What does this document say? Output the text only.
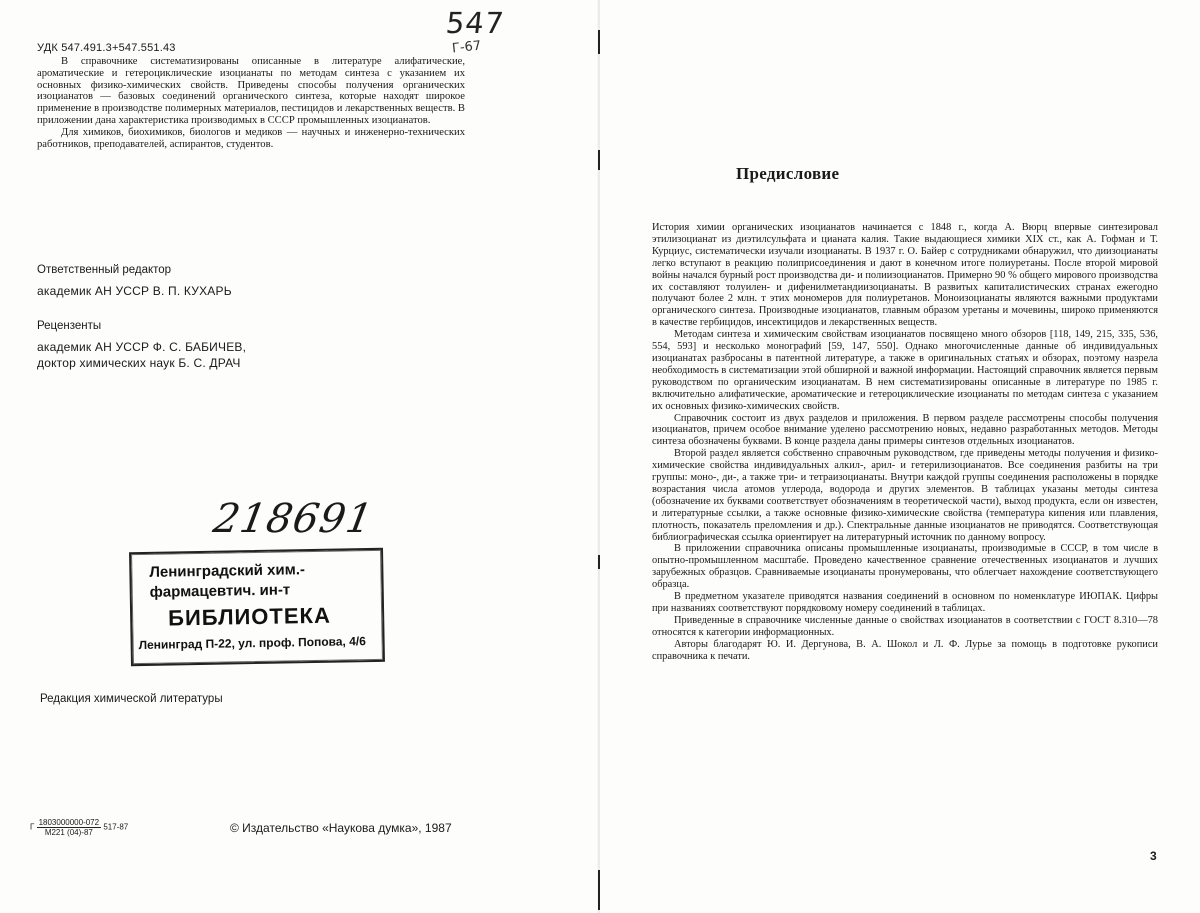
УДК 547.491.3+547.551.43
547
Г-67

В справочнике систематизированы описанные в литературе алифатические, ароматические и гетероциклические изоцианаты по методам синтеза с указанием их основных физико-химических свойств. Приведены способы получения органических изоцианатов — базовых соединений органического синтеза, которые находят широкое применение в производстве полимерных материалов, пестицидов и лекарственных веществ. В приложении дана характеристика производимых в СССР промышленных изоцианатов.

Для химиков, биохимиков, биологов и медиков — научных и инженерно-технических работников, преподавателей, аспирантов, студентов.

Ответственный редактор
академик АН УССР В. П. КУХАРЬ
Рецензенты
академик АН УССР Ф. С. БАБИЧЕВ,
доктор химических наук Б. С. ДРАЧ
218691
Ленинградский хим.-
фармацевтич. ин-т
БИБЛИОТЕКА
Ленинград П-22, ул. проф. Попова, 4/6
Редакция химической литературы
Г $\frac{1803000000-072}{М221 (04)-87} 517-87$	© Издательство «Наукова думка», 1987
Предисловие

История химии органических изоцианатов начинается с 1848 г., когда А. Вюрц впервые синтезировал этилизоцианат из диэтилсульфата и цианата калия. Такие выдающиеся химики XIX ст., как А. Гофман и Т. Курциус, систематически изучали изоцианаты. В 1937 г. О. Байер с сотрудниками обнаружил, что диизоцианаты легко вступают в реакцию полиприсоединения и дают в конечном итоге полиуретаны. После второй мировой войны начался бурный рост производства ди- и полиизоцианатов. Примерно 90 % общего мирового производства их составляют толуилен- и дифенилметандиизоцианаты. В развитых капиталистических странах ежегодно получают более 2 млн. т этих мономеров для полиуретанов. Моноизоцианаты являются важными продуктами органического синтеза. Производные изоцианатов, главным образом уретаны и мочевины, широко применяются в качестве гербицидов, инсектицидов и лекарственных веществ.

Методам синтеза и химическим свойствам изоцианатов посвящено много обзоров [118, 149, 215, 335, 536, 554, 593] и несколько монографий [59, 147, 550]. Однако многочисленные данные об индивидуальных изоцианатах разбросаны в патентной литературе, а также в оригинальных статьях и обзорах, поэтому назрела необходимость в систематизации этой обширной и важной информации. Настоящий справочник является первым руководством по органическим изоцианатам. В нем систематизированы описанные в литературе по 1985 г. включительно алифатические, ароматические и гетероциклические изоцианаты по методам синтеза с указанием их основных физико-химических свойств.

Справочник состоит из двух разделов и приложения. В первом разделе рассмотрены способы получения изоцианатов, причем особое внимание уделено рассмотрению новых, недавно разработанных методов. Методы синтеза обозначены буквами. В конце раздела даны примеры синтезов отдельных изоцианатов.

Второй раздел является собственно справочным руководством, где приведены методы получения и физико-химические свойства индивидуальных алкил-, арил- и гетерилизоцианатов. Все соединения разбиты на три группы: моно-, ди-, а также три- и тетраизоцианаты. Внутри каждой группы соединения расположены в порядке возрастания числа атомов углерода, водорода и других элементов. В таблицах указаны методы синтеза (обозначение их буквами соответствует обозначениям в теоретической части), выход продукта, если он известен, и литературные ссылки, а также основные физико-химические свойства (температура кипения или плавления, плотность, показатель преломления и др.). Спектральные данные изоцианатов не приводятся. Соответствующая библиографическая ссылка ориентирует на литературный источник по данному вопросу.

В приложении справочника описаны промышленные изоцианаты, производимые в СССР, в том числе в опытно-промышленном масштабе. Проведено качественное сравнение отечественных изоцианатов и лучших зарубежных образцов. Сравниваемые изоцианаты пронумерованы, что облегчает нахождение соответствующего образца.

В предметном указателе приводятся названия соединений в основном по номенклатуре ИЮПАК. Цифры при названиях соответствуют порядковому номеру соединений в таблицах.

Приведенные в справочнике численные данные о свойствах изоцианатов в соответствии с ГОСТ 8.310—78 относятся к категории информационных.

Авторы благодарят Ю. И. Дергунова, В. А. Шокол и Л. Ф. Лурье за помощь в подготовке рукописи справочника к печати.

3
